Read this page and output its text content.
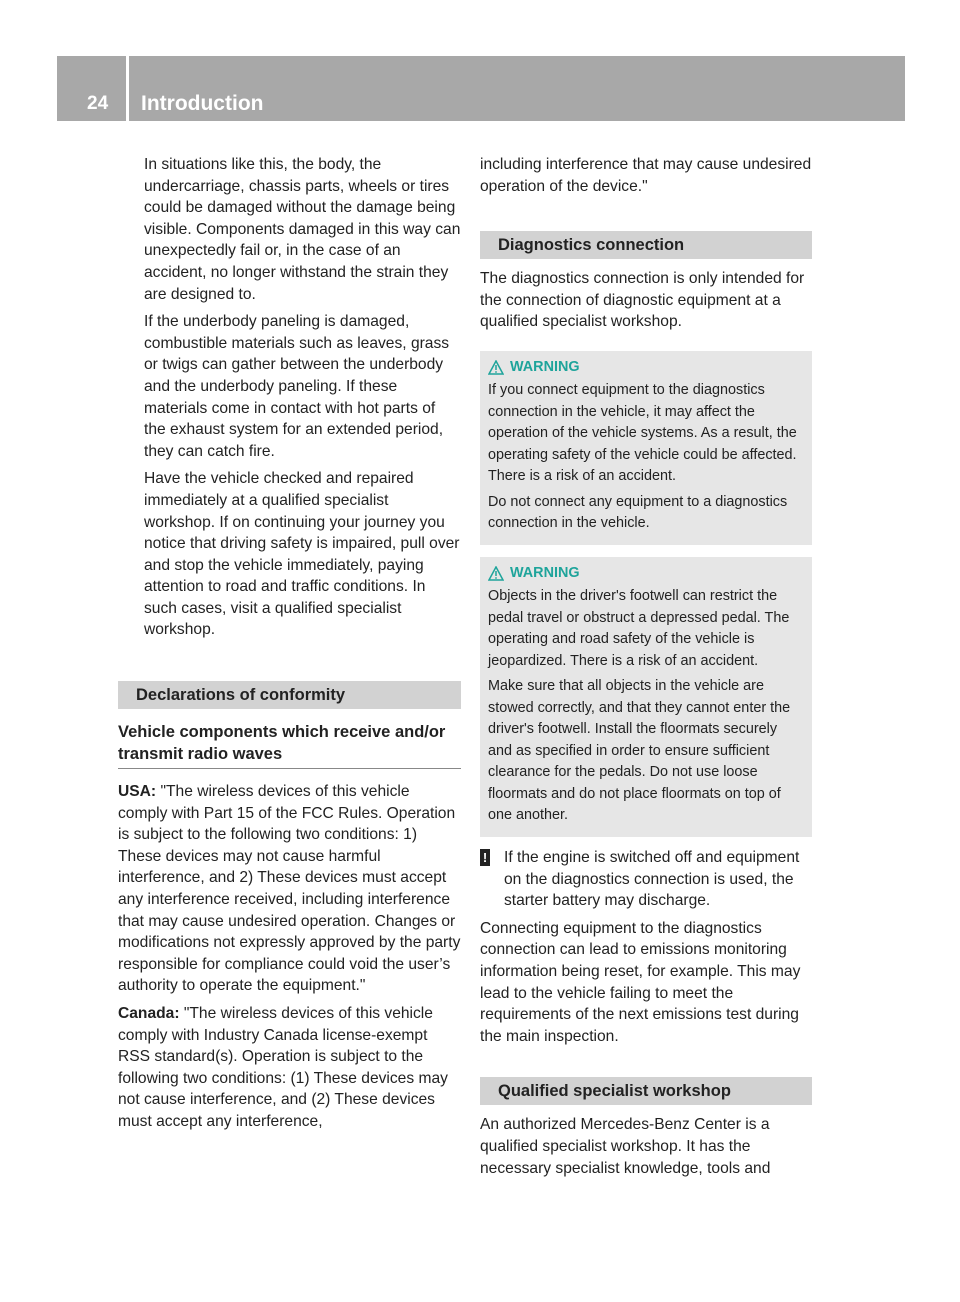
24 Introduction

In situations like this, the body, the undercarriage, chassis parts, wheels or tires could be damaged without the damage being visible. Components damaged in this way can unexpectedly fail or, in the case of an accident, no longer withstand the strain they are designed to.

If the underbody paneling is damaged, combustible materials such as leaves, grass or twigs can gather between the underbody and the underbody paneling. If these materials come in contact with hot parts of the exhaust system for an extended period, they can catch fire.

Have the vehicle checked and repaired immediately at a qualified specialist workshop. If on continuing your journey you notice that driving safety is impaired, pull over and stop the vehicle immediately, paying attention to road and traffic conditions. In such cases, visit a qualified specialist workshop.

Declarations of conformity
Vehicle components which receive and/or transmit radio waves

USA: "The wireless devices of this vehicle comply with Part 15 of the FCC Rules. Operation is subject to the following two conditions: 1) These devices may not cause harmful interference, and 2) These devices must accept any interference received, including interference that may cause undesired operation. Changes or modifications not expressly approved by the party responsible for compliance could void the user’s authority to operate the equipment."

Canada: "The wireless devices of this vehicle comply with Industry Canada license-exempt RSS standard(s). Operation is subject to the following two conditions: (1) These devices may not cause interference, and (2) These devices must accept any interference,

including interference that may cause undesired operation of the device."

Diagnostics connection

The diagnostics connection is only intended for the connection of diagnostic equipment at a qualified specialist workshop.

WARNING

If you connect equipment to the diagnostics connection in the vehicle, it may affect the operation of the vehicle systems. As a result, the operating safety of the vehicle could be affected. There is a risk of an accident.

Do not connect any equipment to a diagnostics connection in the vehicle.

WARNING

Objects in the driver's footwell can restrict the pedal travel or obstruct a depressed pedal. The operating and road safety of the vehicle is jeopardized. There is a risk of an accident.

Make sure that all objects in the vehicle are stowed correctly, and that they cannot enter the driver's footwell. Install the floormats securely and as specified in order to ensure sufficient clearance for the pedals. Do not use loose floormats and do not place floormats on top of one another.

! If the engine is switched off and equipment on the diagnostics connection is used, the starter battery may discharge.

Connecting equipment to the diagnostics connection can lead to emissions monitoring information being reset, for example. This may lead to the vehicle failing to meet the requirements of the next emissions test during the main inspection.

Qualified specialist workshop

An authorized Mercedes-Benz Center is a qualified specialist workshop. It has the necessary specialist knowledge, tools and
